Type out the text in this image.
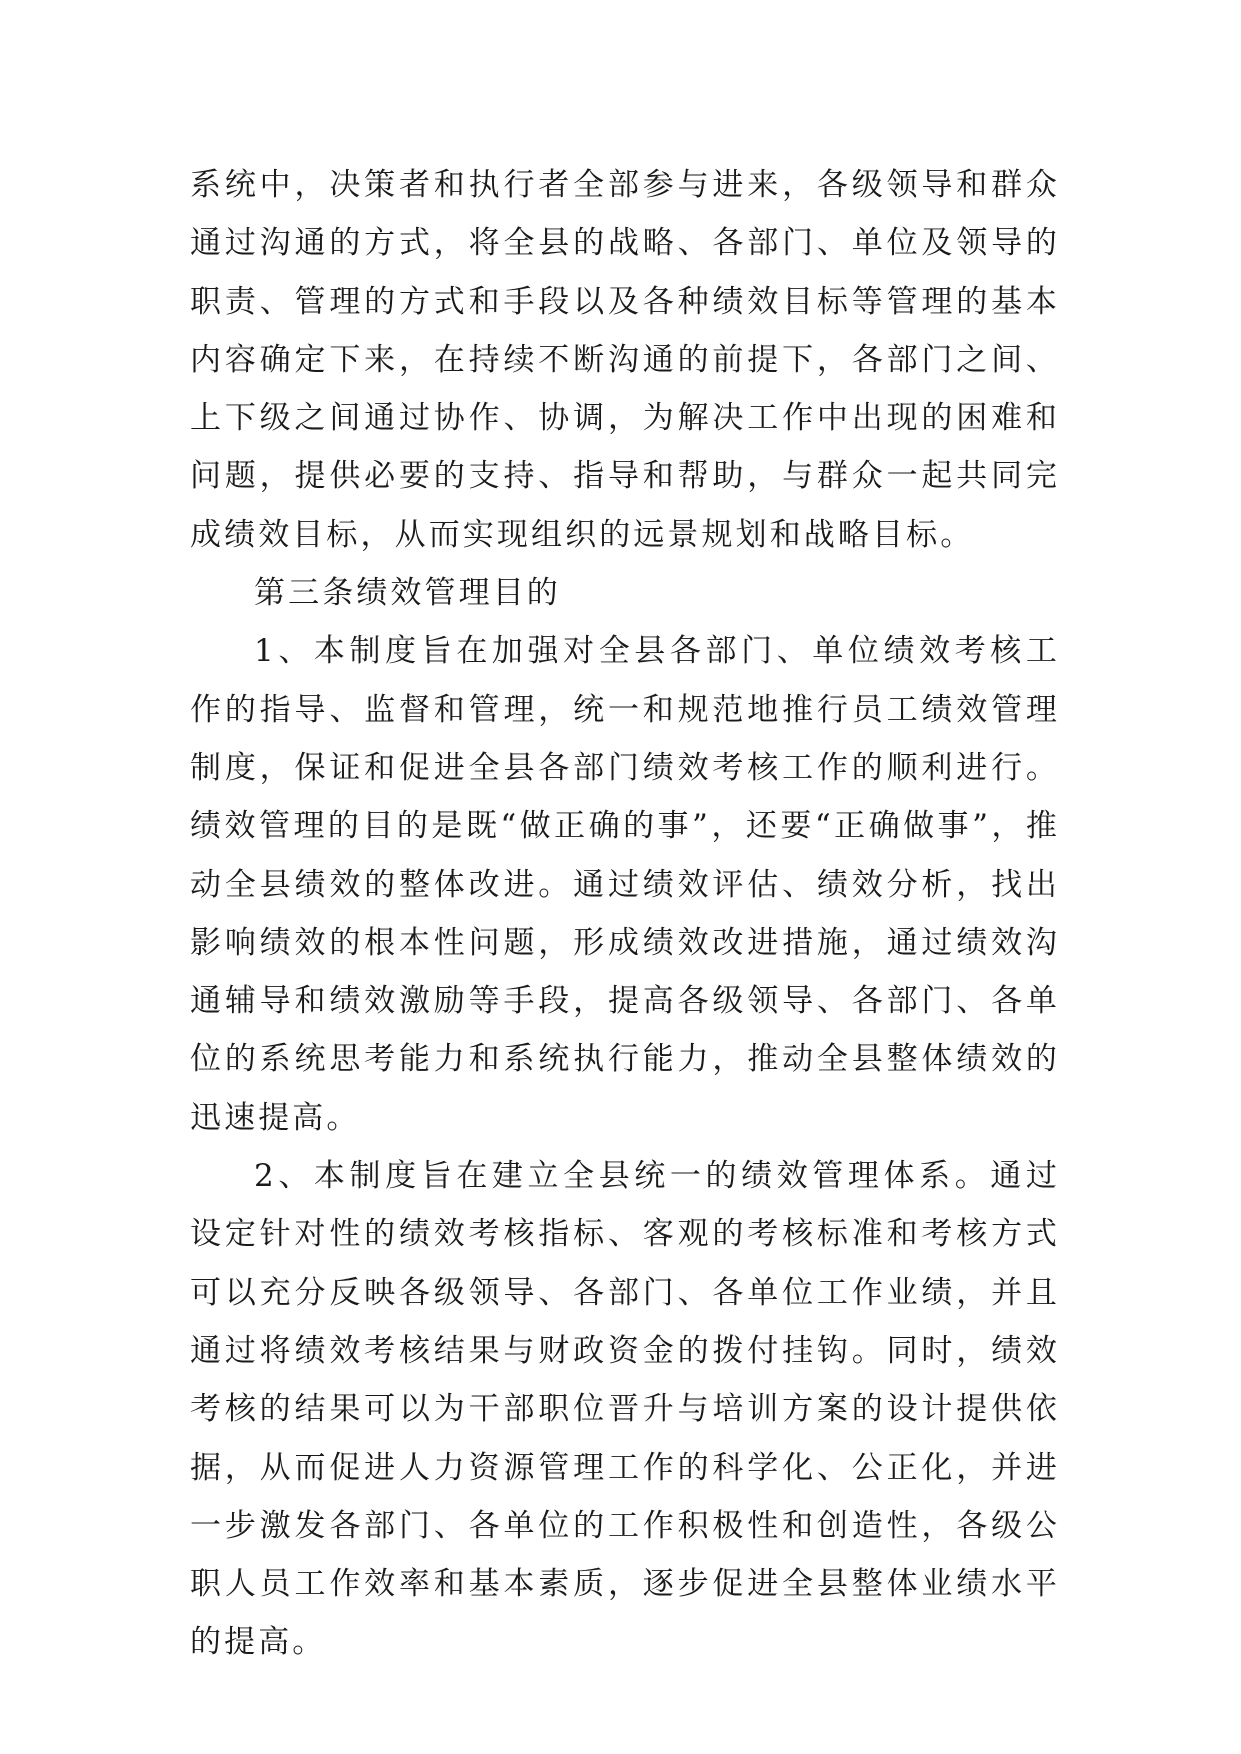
系统中，决策者和执行者全部参与进来，各级领导和群众通过沟通的方式，将全县的战略、各部门、单位及领导的职责、管理的方式和手段以及各种绩效目标等管理的基本内容确定下来，在持续不断沟通的前提下，各部门之间、上下级之间通过协作、协调，为解决工作中出现的困难和问题，提供必要的支持、指导和帮助，与群众一起共同完成绩效目标，从而实现组织的远景规划和战略目标。

第三条绩效管理目的

1、本制度旨在加强对全县各部门、单位绩效考核工作的指导、监督和管理，统一和规范地推行员工绩效管理制度，保证和促进全县各部门绩效考核工作的顺利进行。绩效管理的目的是既“做正确的事”，还要“正确做事”，推动全县绩效的整体改进。通过绩效评估、绩效分析，找出影响绩效的根本性问题，形成绩效改进措施，通过绩效沟通辅导和绩效激励等手段，提高各级领导、各部门、各单位的系统思考能力和系统执行能力，推动全县整体绩效的迅速提高。

2、本制度旨在建立全县统一的绩效管理体系。通过设定针对性的绩效考核指标、客观的考核标准和考核方式可以充分反映各级领导、各部门、各单位工作业绩，并且通过将绩效考核结果与财政资金的拨付挂钩。同时，绩效考核的结果可以为干部职位晋升与培训方案的设计提供依据，从而促进人力资源管理工作的科学化、公正化，并进一步激发各部门、各单位的工作积极性和创造性，各级公职人员工作效率和基本素质，逐步促进全县整体业绩水平的提高。
